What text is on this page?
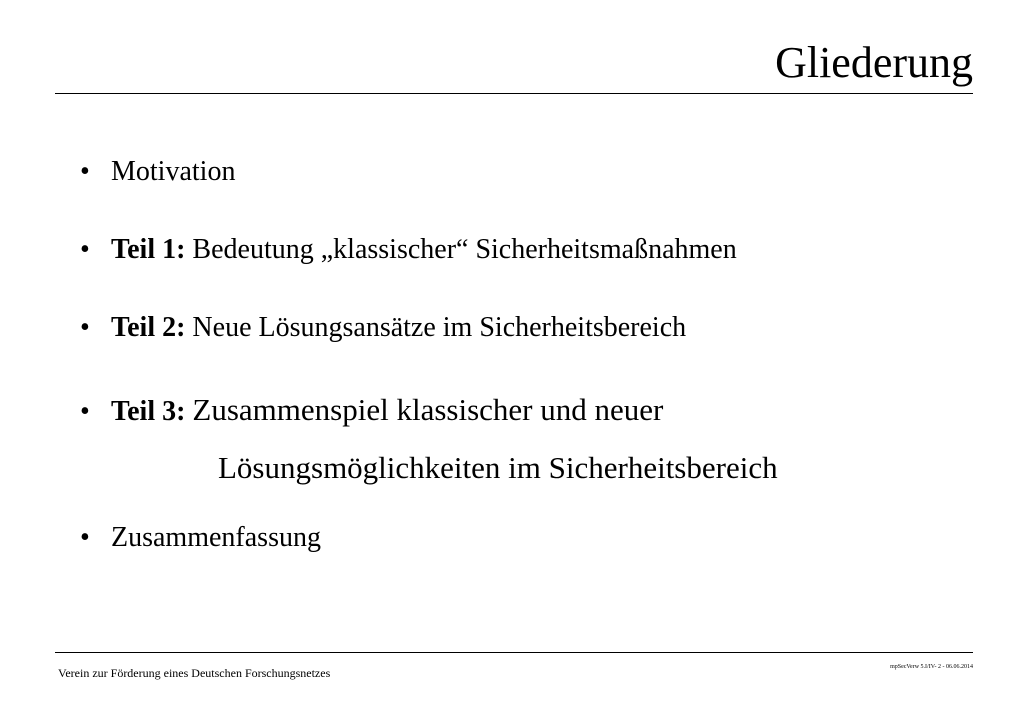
Gliederung
• Motivation
• Teil 1: Bedeutung „klassischer“ Sicherheitsmaßnahmen
• Teil 2: Neue Lösungsansätze im Sicherheitsbereich
• Teil 3: Zusammenspiel klassischer und neuer
Lösungsmöglichkeiten im Sicherheitsbereich
• Zusammenfassung
Verein zur Förderung eines Deutschen Forschungsnetzes	mpSecVerw 5.I/IV- 2 - 06.06.2014
